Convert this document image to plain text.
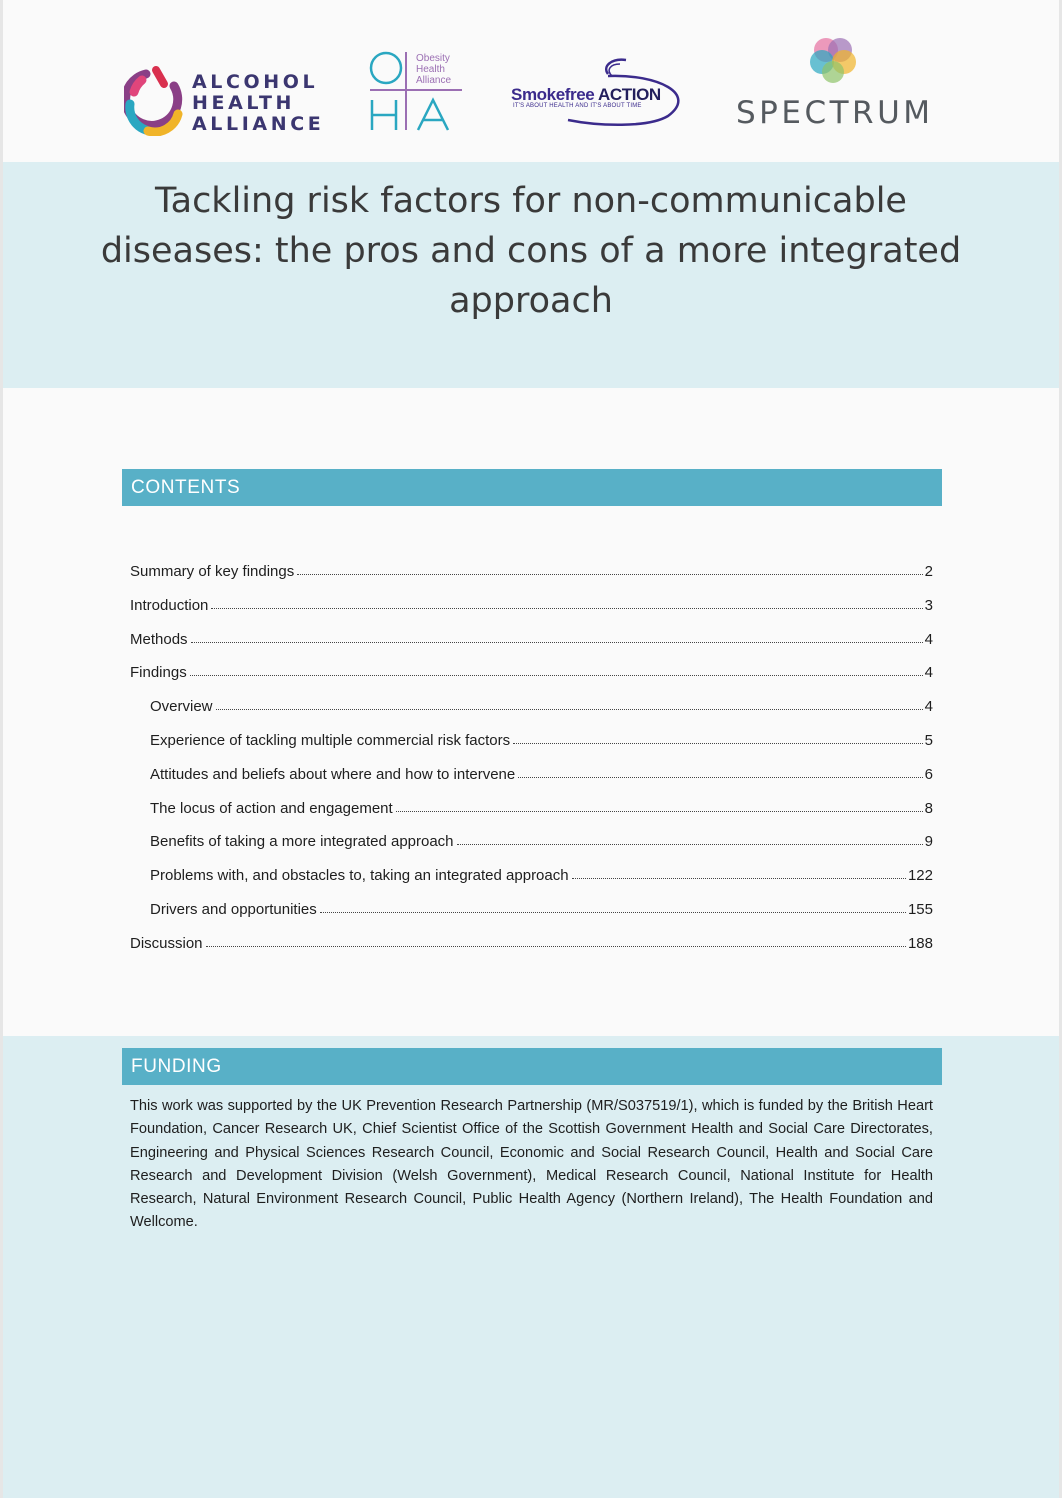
ALCOHOL
HEALTH
ALLIANCE
Obesity
Health
Alliance
Smokefree ACTION
IT'S ABOUT HEALTH AND IT'S ABOUT TIME	SPECTRUM
Tackling risk factors for non-communicable
diseases: the pros and cons of a more integrated
approach
CONTENTS
Summary of key findings	2
Introduction	3
Methods	4
Findings	4
Overview	4
Experience of tackling multiple commercial risk factors	5
Attitudes and beliefs about where and how to intervene	6
The locus of action and engagement	8
Benefits of taking a more integrated approach	9
Problems with, and obstacles to, taking an integrated approach	122
Drivers and opportunities	155
Discussion	188
FUNDING

This work was supported by the UK Prevention Research Partnership (MR/S037519/1), which is funded by the British Heart Foundation, Cancer Research UK, Chief Scientist Office of the Scottish Government Health and Social Care Directorates, Engineering and Physical Sciences Research Council, Economic and Social Research Council, Health and Social Care Research and Development Division (Welsh Government), Medical Research Council, National Institute for Health Research, Natural Environment Research Council, Public Health Agency (Northern Ireland), The Health Foundation and Wellcome.
